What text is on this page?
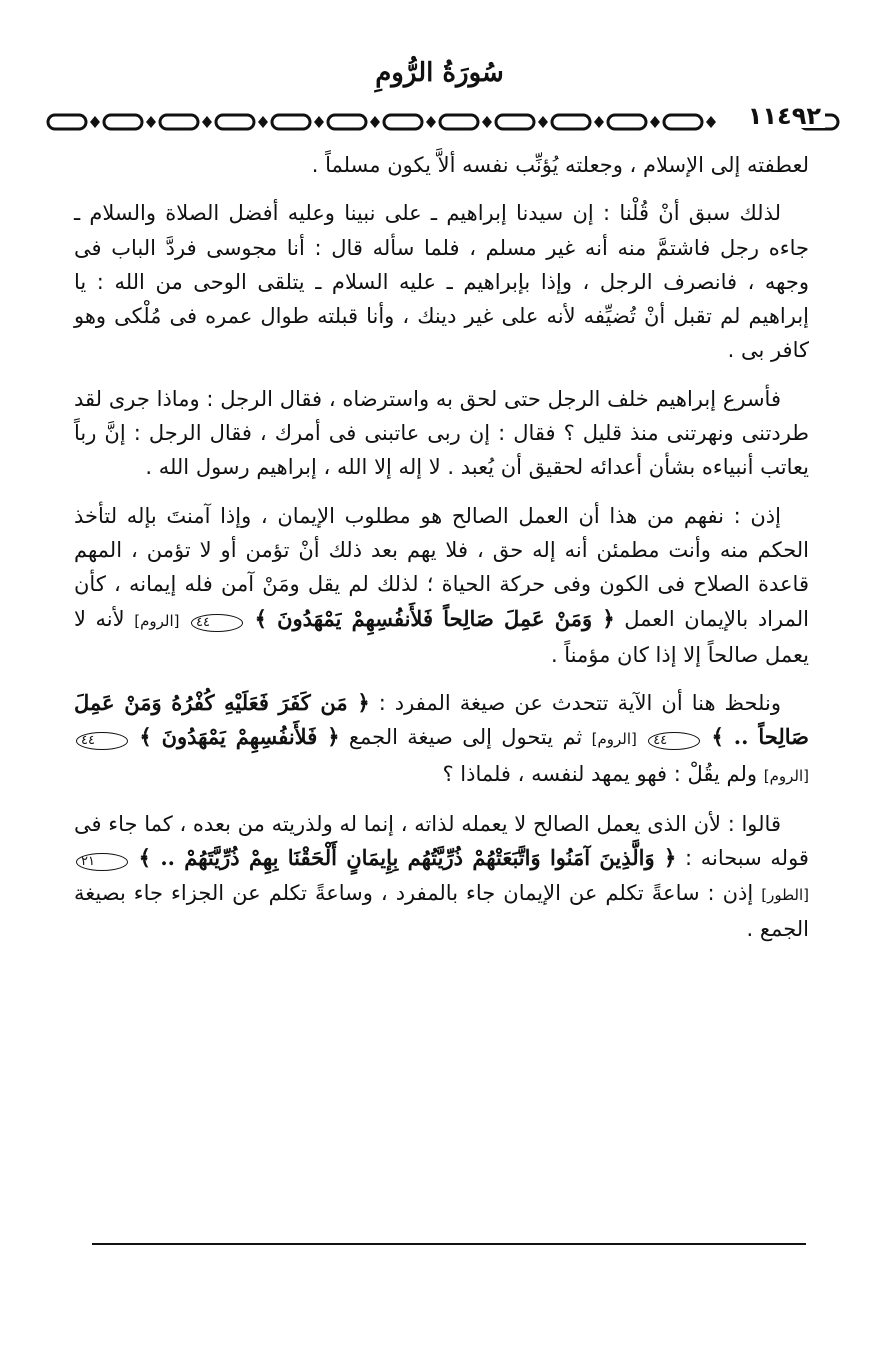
سُورَةُ الرُّومِ
١١٤٩٢

لعطفته إلى الإسلام ، وجعلته يُؤنِّب نفسه ألاَّ يكون مسلماً .

لذلك سبق أنْ قُلْنا : إن سيدنا إبراهيم ـ على نبينا وعليه أفضل الصلاة والسلام ـ جاءه رجل فاشتمَّ منه أنه غير مسلم ، فلما سأله قال : أنا مجوسى فردَّ الباب فى وجهه ، فانصرف الرجل ، وإذا بإبراهيم ـ عليه السلام ـ يتلقى الوحى من الله : يا إبراهيم لم تقبل أنْ تُضيِّفه لأنه على غير دينك ، وأنا قبلته طوال عمره فى مُلْكى وهو كافر بى .

فأسرع إبراهيم خلف الرجل حتى لحق به واسترضاه ، فقال الرجل : وماذا جرى لقد طردتنى ونهرتنى منذ قليل ؟ فقال : إن ربى عاتبنى فى أمرك ، فقال الرجل : إنَّ رباً يعاتب أنبياءه بشأن أعدائه لحقيق أن يُعبد . لا إله إلا الله ، إبراهيم رسول الله .

إذن : نفهم من هذا أن العمل الصالح هو مطلوب الإيمان ، وإذا آمنتَ بإله لتأخذ الحكم منه وأنت مطمئن أنه إله حق ، فلا يهم بعد ذلك أنْ تؤمن أو لا تؤمن ، المهم قاعدة الصلاح فى الكون وفى حركة الحياة ؛ لذلك لم يقل ومَنْ آمن فله إيمانه ، كأن المراد بالإيمان العمل ﴿ وَمَنْ عَمِلَ صَالِحاً فَلأَنفُسِهِمْ يَمْهَدُونَ ﴾ ٤٤ [الروم] لأنه لا يعمل صالحاً إلا إذا كان مؤمناً .

ونلحظ هنا أن الآية تتحدث عن صيغة المفرد : ﴿ مَن كَفَرَ فَعَلَيْهِ كُفْرُهُ وَمَنْ عَمِلَ صَالِحاً .. ﴾ ٤٤ [الروم] ثم يتحول إلى صيغة الجمع ﴿ فَلأَنفُسِهِمْ يَمْهَدُونَ ﴾ ٤٤ [الروم] ولم يقُلْ : فهو يمهد لنفسه ، فلماذا ؟

قالوا : لأن الذى يعمل الصالح لا يعمله لذاته ، إنما له ولذريته من بعده ، كما جاء فى قوله سبحانه : ﴿ وَالَّذِينَ آمَنُوا وَاتَّبَعَتْهُمْ ذُرِّيَّتُهُم بِإِيمَانٍ أَلْحَقْنَا بِهِمْ ذُرِّيَّتَهُمْ .. ﴾ ٢١ [الطور] إذن : ساعةً تكلم عن الإيمان جاء بالمفرد ، وساعةً تكلم عن الجزاء جاء بصيغة الجمع .
